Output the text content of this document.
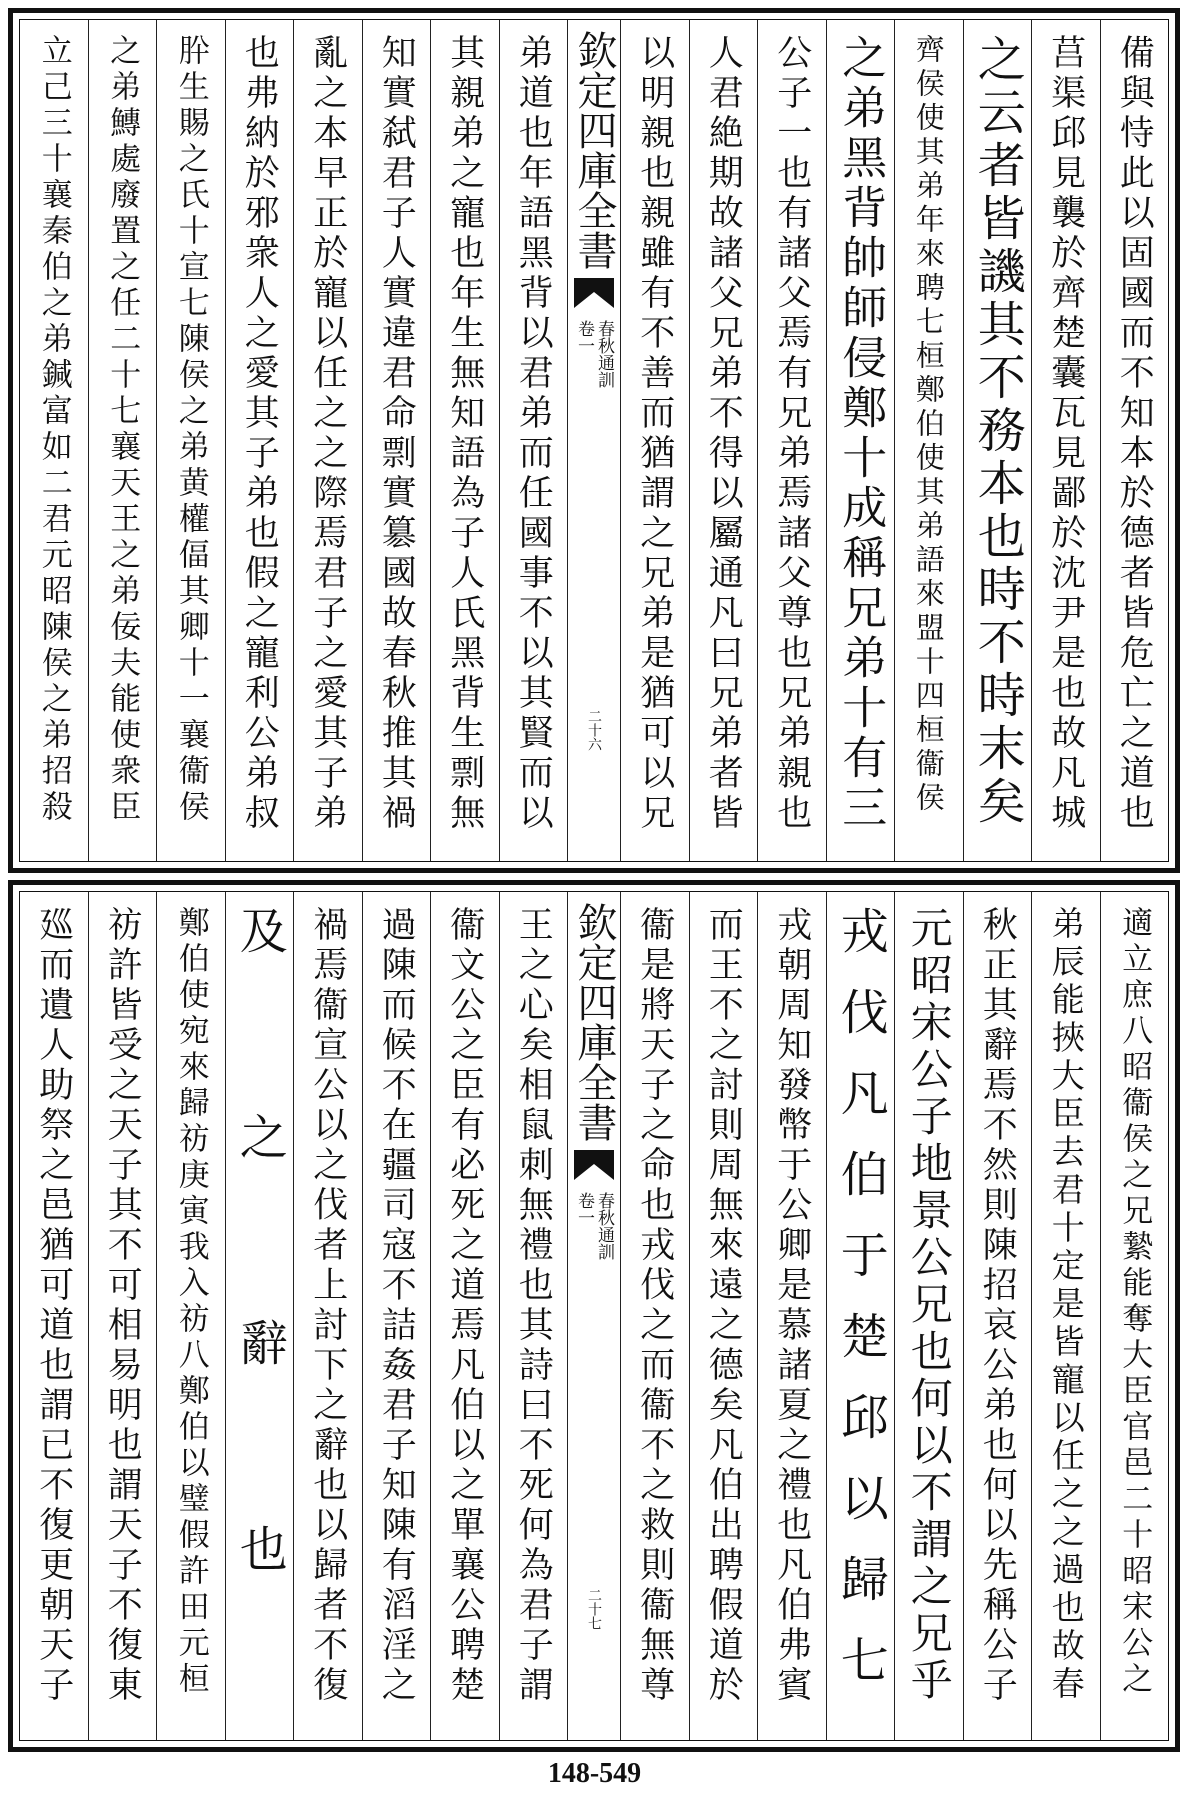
備與恃此以固國而不知本於德者皆危亡之道也
莒渠邱見襲於齊楚囊瓦見鄙於沈尹是也故凡城
之云者皆譏其不務本也時不時末矣
齊侯使其弟年來聘七桓鄭伯使其弟語來盟十四桓衞侯
之弟黑背帥師侵鄭十成稱兄弟十有三
公子一也有諸父焉有兄弟焉諸父尊也兄弟親也
人君絶期故諸父兄弟不得以屬通凡曰兄弟者皆
以明親也親雖有不善而猶謂之兄弟是猶可以兄
欽定四庫全書
春秋通訓
卷一
二十六
弟道也年語黑背以君弟而任國事不以其賢而以
其親弟之寵也年生無知語為子人氏黑背生剽無
知實弑君子人實違君命剽實簒國故春秋推其禍
亂之本早正於寵以任之之際焉君子之愛其子弟
也弗納於邪衆人之愛其子弟也假之寵利公弟叔
肸生賜之氏十宣七陳侯之弟黄權偪其卿十一襄衞侯
之弟鱄處廢置之任二十七襄天王之弟佞夫能使衆臣
立己三十襄秦伯之弟鍼富如二君元昭陳侯之弟招殺
適立庶八昭衞侯之兄縶能奪大臣官邑二十昭宋公之
弟辰能挾大臣去君十定是皆寵以任之之過也故春
秋正其辭焉不然則陳招哀公弟也何以先稱公子
元昭宋公子地景公兄也何以不謂之兄乎
戎伐凡伯于楚邱以歸七
戎朝周知發幣于公卿是慕諸夏之禮也凡伯弗賓
而王不之討則周無來遠之德矣凡伯出聘假道於
衞是將天子之命也戎伐之而衞不之救則衞無尊
欽定四庫全書
春秋通訓
卷一
二十七
王之心矣相鼠刺無禮也其詩曰不死何為君子謂
衞文公之臣有必死之道焉凡伯以之單襄公聘楚
過陳而候不在疆司寇不詰姦君子知陳有滔淫之
禍焉衞宣公以之伐者上討下之辭也以歸者不復
及之辭也
鄭伯使宛來歸祊庚寅我入祊八鄭伯以璧假許田元桓
祊許皆受之天子其不可相易明也謂天子不復東
廵而遺人助祭之邑猶可道也謂已不復更朝天子
148-549
